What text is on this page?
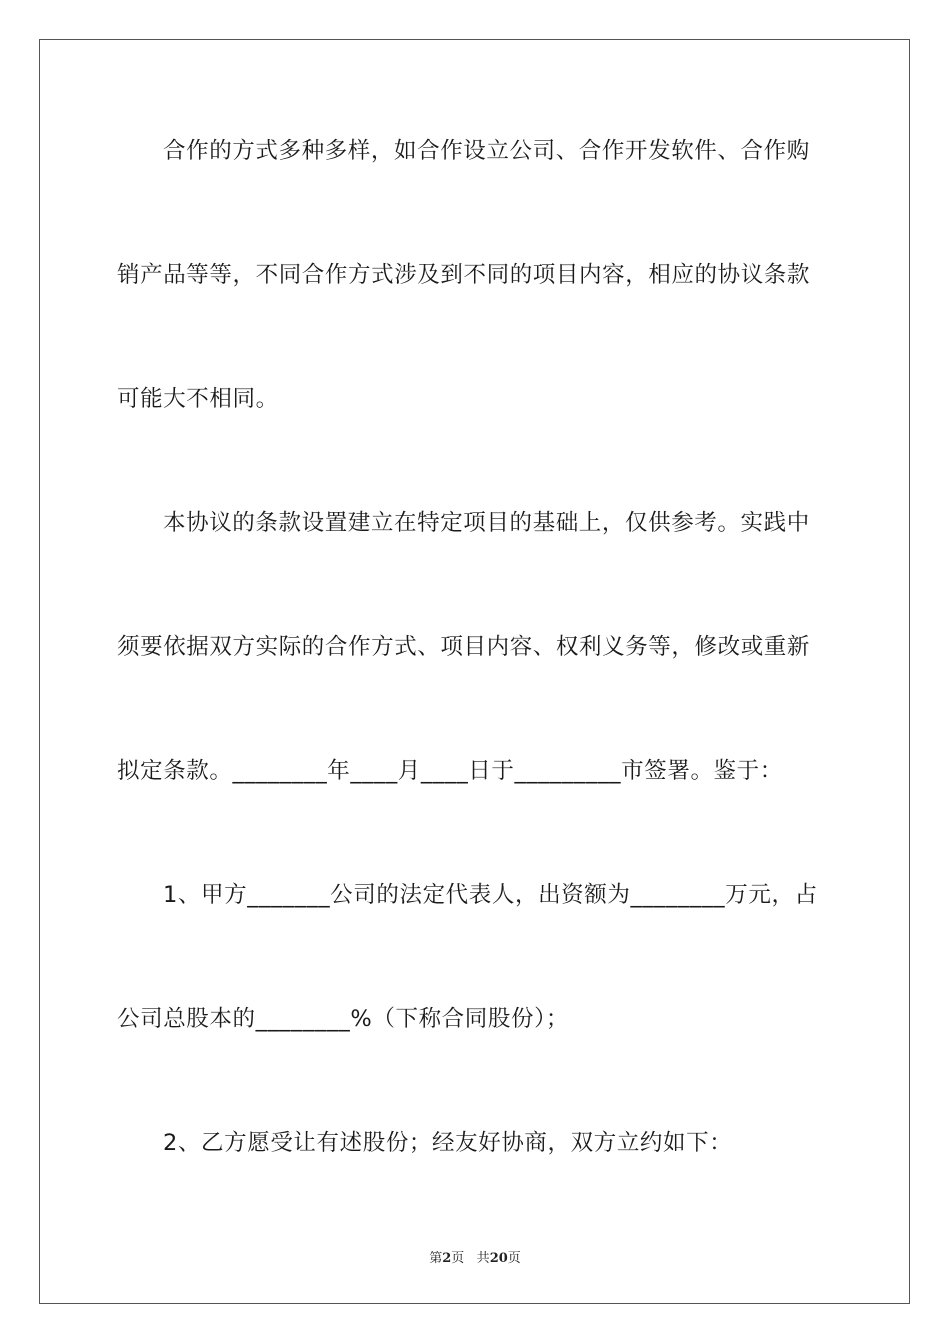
合作的方式多种多样，如合作设立公司、合作开发软件、合作购
销产品等等，不同合作方式涉及到不同的项目内容，相应的协议条款
可能大不相同。
本协议的条款设置建立在特定项目的基础上，仅供参考。实践中
须要依据双方实际的合作方式、项目内容、权利义务等，修改或重新
拟定条款。________年____月____日于_________市签署。鉴于：
1、甲方_______公司的法定代表人，出资额为________万元，占
公司总股本的________%（下称合同股份）；
2、乙方愿受让有述股份；经友好协商，双方立约如下：
第2页 共20页
